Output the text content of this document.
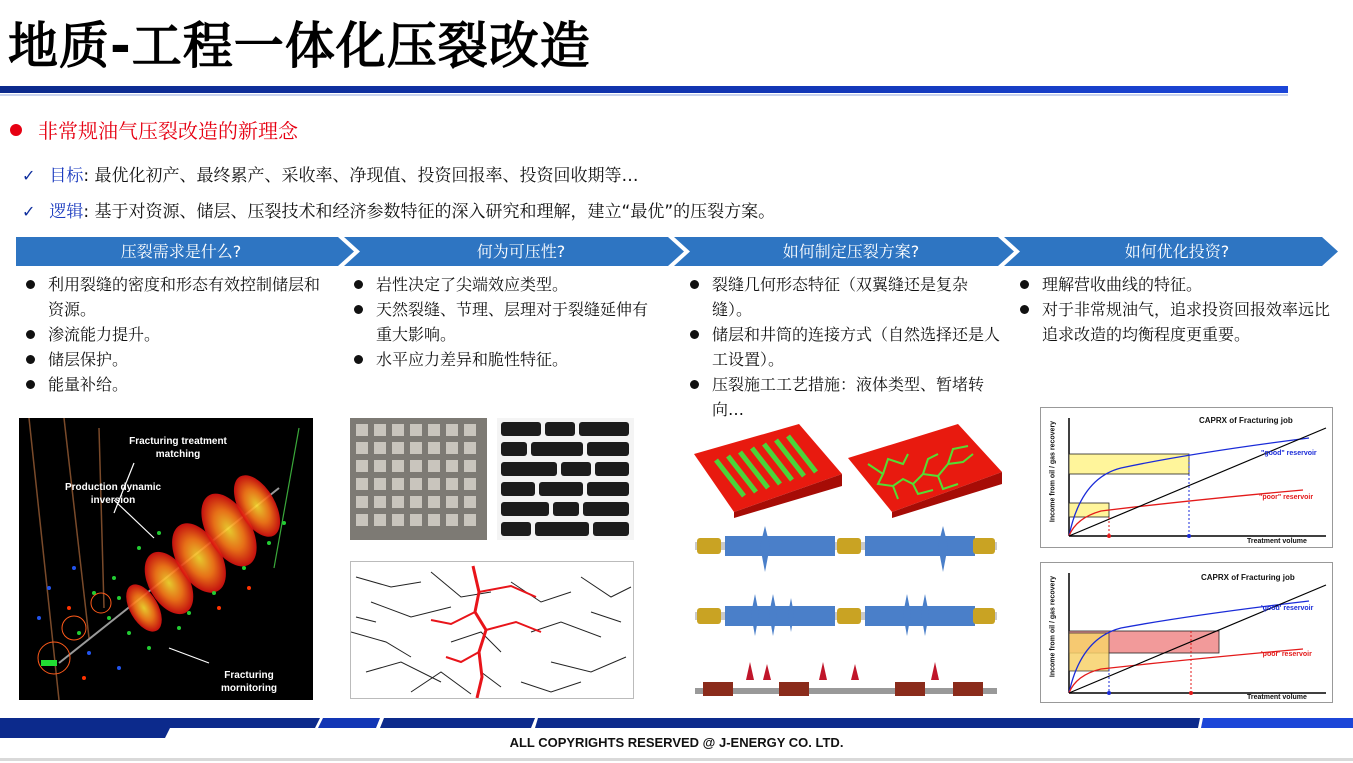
地质-工程一体化压裂改造
非常规油气压裂改造的新理念
✓ 目标: 最优化初产、最终累产、采收率、净现值、投资回报率、投资回收期等…
✓ 逻辑: 基于对资源、储层、压裂技术和经济参数特征的深入研究和理解，建立“最优”的压裂方案。
压裂需求是什么?	何为可压性?	如何制定压裂方案?	如何优化投资?
利用裂缝的密度和形态有效控制储层和资源。
渗流能力提升。
储层保护。
能量补给。
岩性决定了尖端效应类型。
天然裂缝、节理、层理对于裂缝延伸有重大影响。
水平应力差异和脆性特征。
裂缝几何形态特征（双翼缝还是复杂缝）。
储层和井筒的连接方式（自然选择还是人工设置）。
压裂施工工艺措施：液体类型、暂堵转向…
理解营收曲线的特征。
对于非常规油气，追求投资回报效率远比追求改造的均衡程度更重要。
Fracturing treatment
matching
Production dynamic
inversion
Fracturing
mornitoring
CAPRX of Fracturing job
Treatment volume
Income from oil / gas recovery	"good" reservoir
"poor" reservoir
CAPRX of Fracturing job
Treatment volume
Income from oil / gas recovery	'good' reservoir
'poor' reservoir
ALL COPYRIGHTS RESERVED @ J-ENERGY CO. LTD.
